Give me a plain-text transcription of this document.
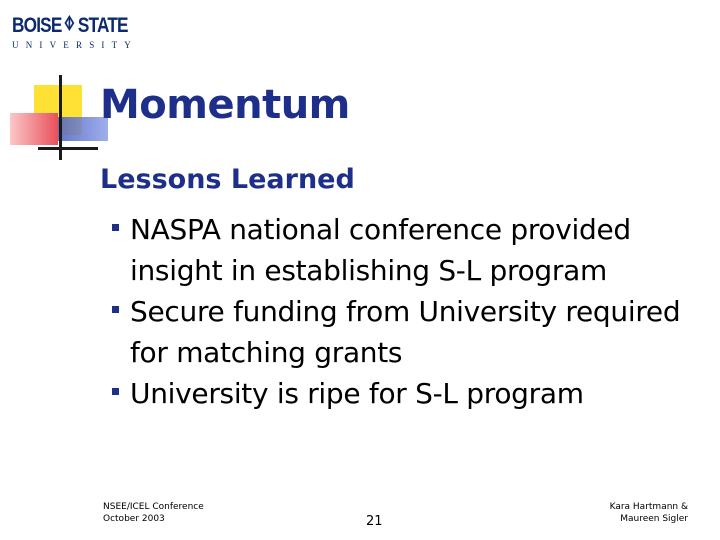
BOISE STATE
UNIVERSITY
Momentum
Lessons Learned
NASPA national conference provided insight in establishing S-L program
Secure funding from University required for matching grants
University is ripe for S-L program
NSEE/ICEL Conference
October 2003	21
Kara Hartmann &
Maureen Sigler
